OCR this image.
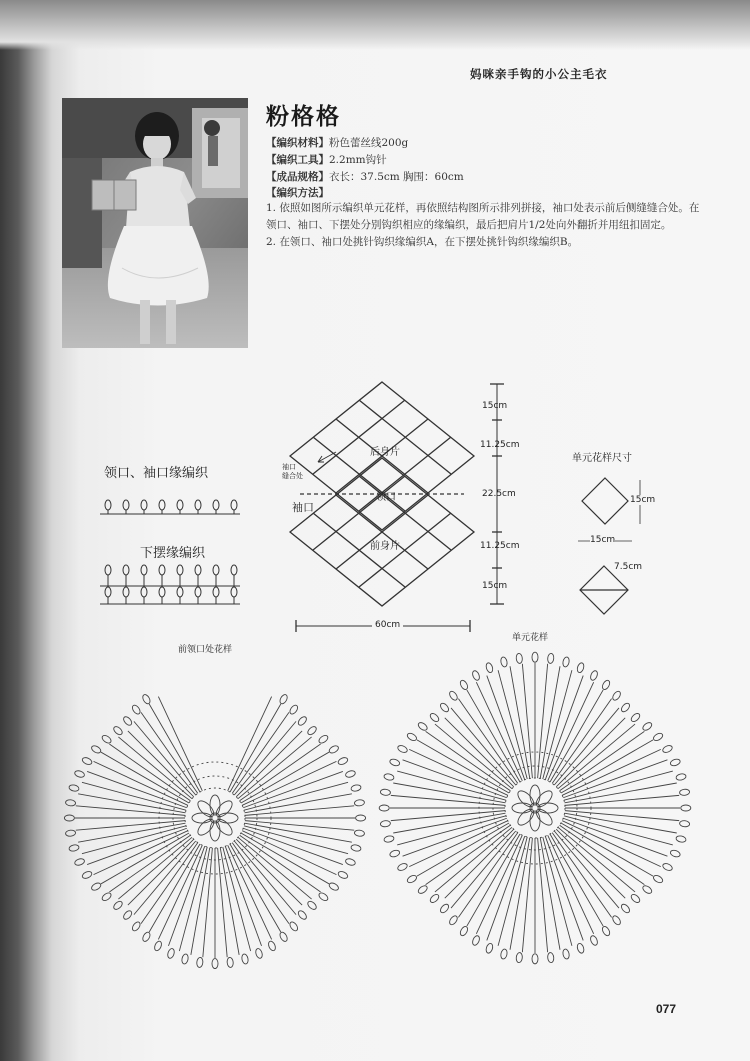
妈咪亲手钩的小公主毛衣
粉格格
【编织材料】粉色蕾丝线200g
【编织工具】2.2mm钩针
【成品规格】衣长：37.5cm 胸围：60cm
【编织方法】

1. 依照如图所示编织单元花样，再依照结构图所示排列拼接，袖口处表示前后侧缝缝合处。在领口、袖口、下摆处分别钩织相应的缘编织，最后把肩片1/2处向外翻折并用纽扣固定。

2. 在领口、袖口处挑针钩织缘编织A，在下摆处挑针钩织缘编织B。

后身片
领口
前身片
袖口
袖口
缝合处
15cm
11.25cm
22.5cm
11.25cm
15cm
60cm
领口、袖口缘编织
下摆缘编织
前领口处花样
单元花样尺寸
15cm
15cm
7.5cm
单元花样
077
